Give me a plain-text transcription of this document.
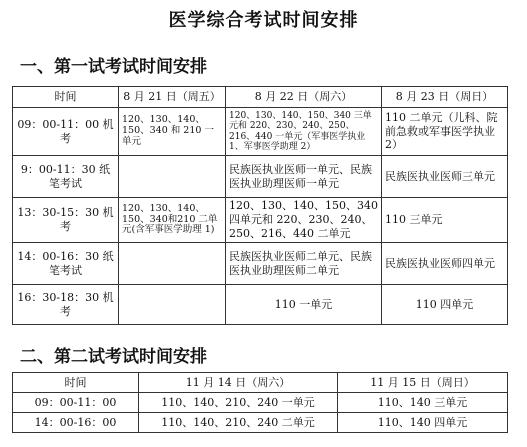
医学综合考试时间安排
一、第一试考试时间安排
时间	8 月 21 日（周五）	8 月 22 日（周六）	8 月 23 日（周日）
09：00-11：00 机考	120、130、140、150、340 和 210 一单元	120、130、140、150、340 三单元和 220、230、240、250、216、440 一单元（军事医学执业 1、军事医学助理 2）	110 二单元（儿科、院前急救或军事医学执业 2）
9：00-11：30 纸笔考试		民族医执业医师一单元、民族医执业助理医师一单元	民族医执业医师三单元
13：30-15：30 机考	120、130、140、150、340和210 二单元(含军事医学助理 1)	120、130、140、150、340 四单元和 220、230、240、250、216、440 二单元	110 三单元
14：00-16：30 纸笔考试		民族医执业医师二单元、民族医执业助理医师二单元	民族医执业医师四单元
16：30-18：30 机考		110 一单元	110 四单元
二、第二试考试时间安排
时间	11 月 14 日（周六）	11 月 15 日（周日）
09：00-11：00	110、140、210、240 一单元	110、140 三单元
14：00-16：00	110、140、210、240 二单元	110、140 四单元
